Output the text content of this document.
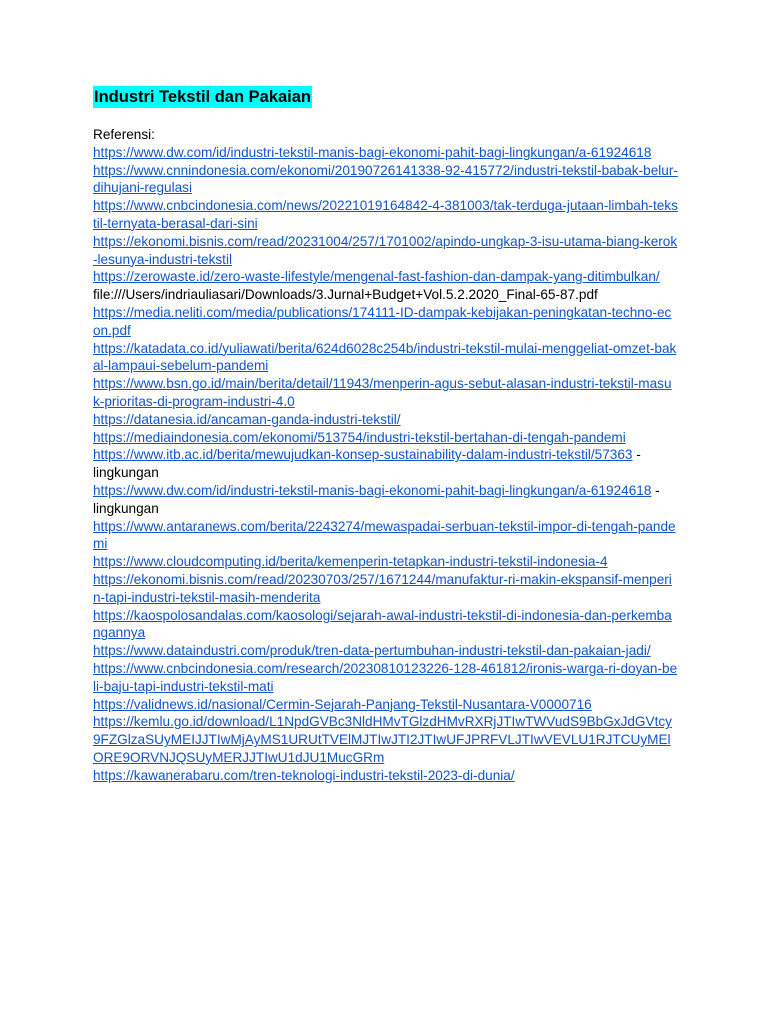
Industri Tekstil dan Pakaian
Referensi:
https://www.dw.com/id/industri-tekstil-manis-bagi-ekonomi-pahit-bagi-lingkungan/a-61924618
https://www.cnnindonesia.com/ekonomi/20190726141338-92-415772/industri-tekstil-babak-belur-dihujani-regulasi
https://www.cnbcindonesia.com/news/20221019164842-4-381003/tak-terduga-jutaan-limbah-tekstil-ternyata-berasal-dari-sini
https://ekonomi.bisnis.com/read/20231004/257/1701002/apindo-ungkap-3-isu-utama-biang-kerok-lesunya-industri-tekstil
https://zerowaste.id/zero-waste-lifestyle/mengenal-fast-fashion-dan-dampak-yang-ditimbulkan/
file:///Users/indriauliasari/Downloads/3.Jurnal+Budget+Vol.5.2.2020_Final-65-87.pdf
https://media.neliti.com/media/publications/174111-ID-dampak-kebijakan-peningkatan-techno-econ.pdf
https://katadata.co.id/yuliawati/berita/624d6028c254b/industri-tekstil-mulai-menggeliat-omzet-bakal-lampaui-sebelum-pandemi
https://www.bsn.go.id/main/berita/detail/11943/menperin-agus-sebut-alasan-industri-tekstil-masuk-prioritas-di-program-industri-4.0
https://datanesia.id/ancaman-ganda-industri-tekstil/
https://mediaindonesia.com/ekonomi/513754/industri-tekstil-bertahan-di-tengah-pandemi
https://www.itb.ac.id/berita/mewujudkan-konsep-sustainability-dalam-industri-tekstil/57363 - lingkungan
https://www.dw.com/id/industri-tekstil-manis-bagi-ekonomi-pahit-bagi-lingkungan/a-61924618 - lingkungan
https://www.antaranews.com/berita/2243274/mewaspadai-serbuan-tekstil-impor-di-tengah-pandemi
https://www.cloudcomputing.id/berita/kemenperin-tetapkan-industri-tekstil-indonesia-4
https://ekonomi.bisnis.com/read/20230703/257/1671244/manufaktur-ri-makin-ekspansif-menperin-tapi-industri-tekstil-masih-menderita
https://kaospolosandalas.com/kaosologi/sejarah-awal-industri-tekstil-di-indonesia-dan-perkembangannya
https://www.dataindustri.com/produk/tren-data-pertumbuhan-industri-tekstil-dan-pakaian-jadi/
https://www.cnbcindonesia.com/research/20230810123226-128-461812/ironis-warga-ri-doyan-beli-baju-tapi-industri-tekstil-mati
https://validnews.id/nasional/Cermin-Sejarah-Panjang-Tekstil-Nusantara-V0000716
https://kemlu.go.id/download/L1NpdGVBc3NldHMvTGlzdHMvRXRjJTIwTWVudS9BbGxJdGVtcy9FZGlzaSUyMEIJJTIwMjAyMS1URUtTVElMJTIwJTI2JTIwUFJPRFVLJTIwVEVLU1RJTCUyMElORE9ORVNJQSUyMERJJTIwU1dJU1MucGRm
https://kawanerabaru.com/tren-teknologi-industri-tekstil-2023-di-dunia/
